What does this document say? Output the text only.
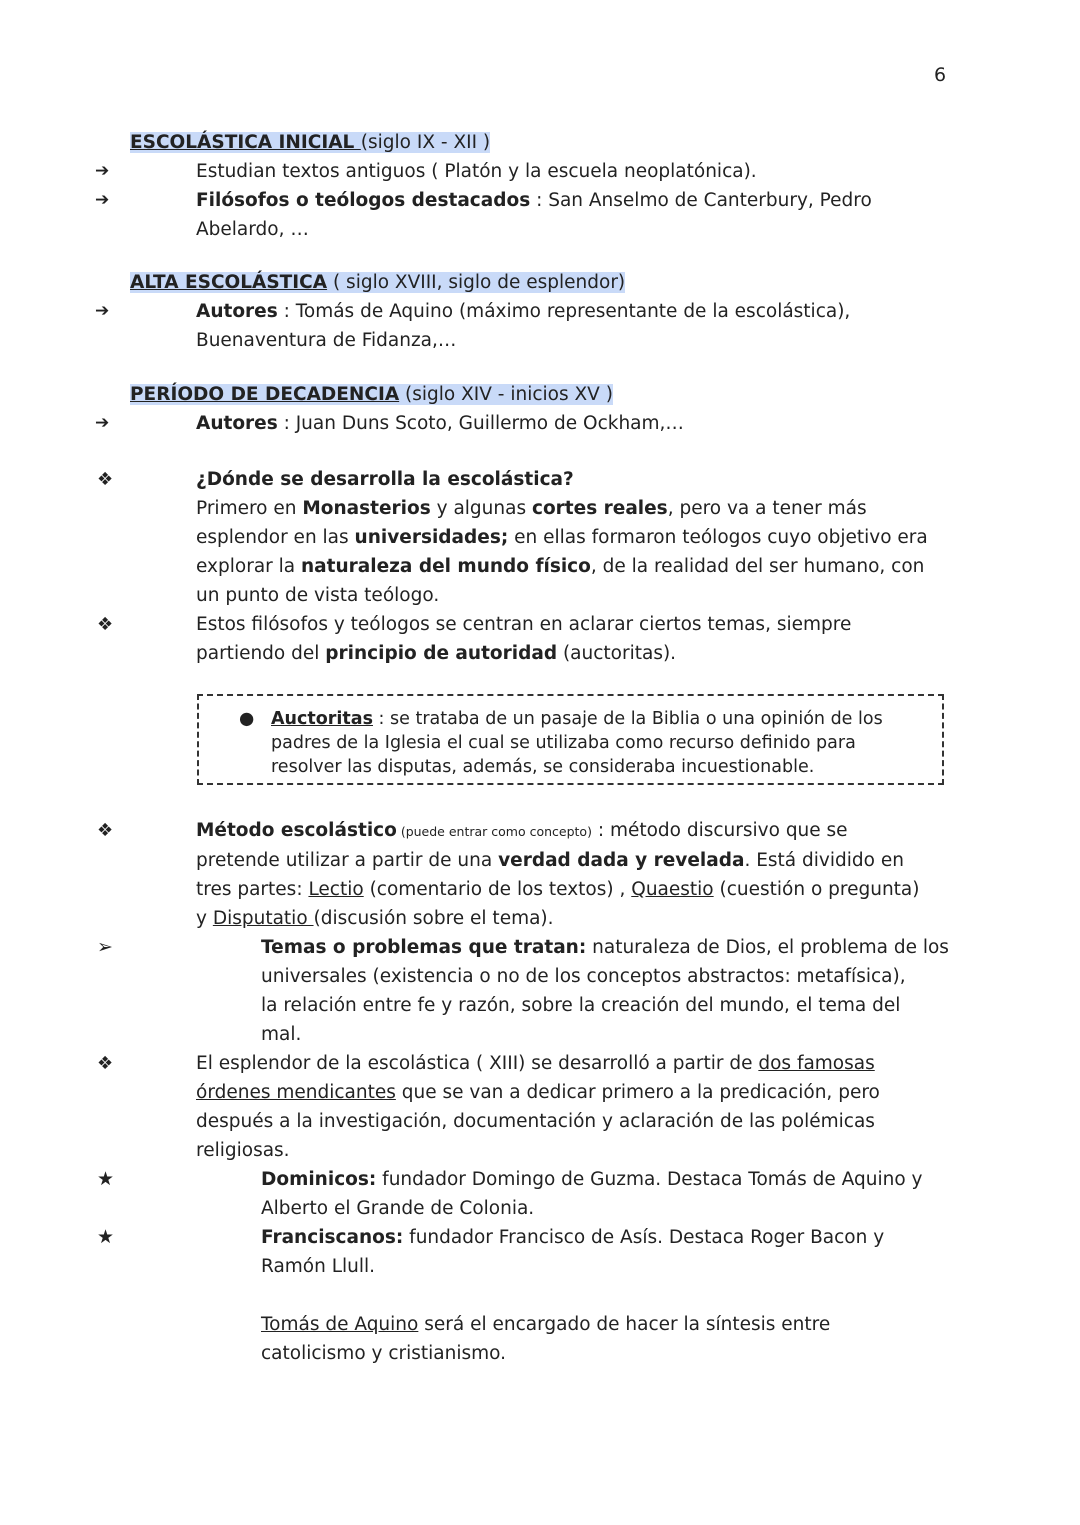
6
ESCOLÁSTICA INICIAL (siglo IX - XII )
➔	Estudian textos antiguos ( Platón y la escuela neoplatónica).
➔	Filósofos o teólogos destacados : San Anselmo de Canterbury, Pedro
Abelardo, …
ALTA ESCOLÁSTICA ( siglo XVIII, siglo de esplendor)
➔	Autores : Tomás de Aquino (máximo representante de la escolástica),
Buenaventura de Fidanza,…
PERÍODO DE DECADENCIA (siglo XIV - inicios XV )
➔	Autores : Juan Duns Scoto, Guillermo de Ockham,…
❖	¿Dónde se desarrolla la escolástica?
Primero en Monasterios y algunas cortes reales, pero va a tener más
esplendor en las universidades; en ellas formaron teólogos cuyo objetivo era
explorar la naturaleza del mundo físico, de la realidad del ser humano, con
un punto de vista teólogo.
❖	Estos filósofos y teólogos se centran en aclarar ciertos temas, siempre
partiendo del principio de autoridad (auctoritas).
● Auctoritas : se trataba de un pasaje de la Biblia o una opinión de los
padres de la Iglesia el cual se utilizaba como recurso definido para
resolver las disputas, además, se consideraba incuestionable.
❖	Método escolástico (puede entrar como concepto) : método discursivo que se
pretende utilizar a partir de una verdad dada y revelada. Está dividido en
tres partes: Lectio (comentario de los textos) , Quaestio (cuestión o pregunta)
y Disputatio (discusión sobre el tema).
➢	Temas o problemas que tratan: naturaleza de Dios, el problema de los
universales (existencia o no de los conceptos abstractos: metafísica),
la relación entre fe y razón, sobre la creación del mundo, el tema del
mal.
❖	El esplendor de la escolástica ( XIII) se desarrolló a partir de dos famosas
órdenes mendicantes que se van a dedicar primero a la predicación, pero
después a la investigación, documentación y aclaración de las polémicas
religiosas.
★	Dominicos: fundador Domingo de Guzma. Destaca Tomás de Aquino y
Alberto el Grande de Colonia.
★	Franciscanos: fundador Francisco de Asís. Destaca Roger Bacon y
Ramón Llull.
Tomás de Aquino será el encargado de hacer la síntesis entre
catolicismo y cristianismo.
